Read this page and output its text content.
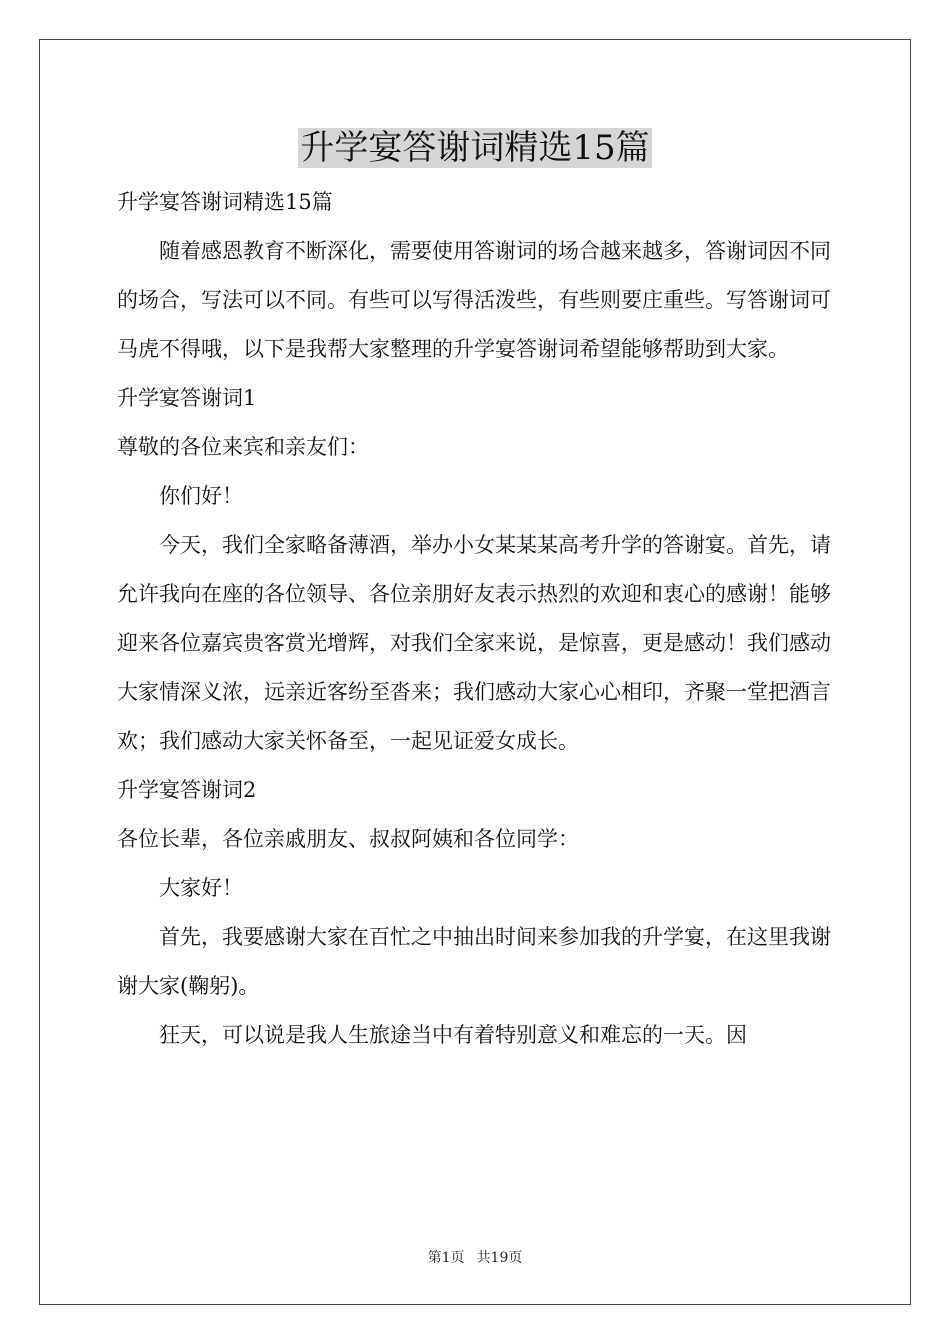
升学宴答谢词精选15篇

升学宴答谢词精选15篇

随着感恩教育不断深化，需要使用答谢词的场合越来越多，答谢词因不同的场合，写法可以不同。有些可以写得活泼些，有些则要庄重些。写答谢词可马虎不得哦，以下是我帮大家整理的升学宴答谢词希望能够帮助到大家。

升学宴答谢词1

尊敬的各位来宾和亲友们：

你们好！

今天，我们全家略备薄酒，举办小女某某某高考升学的答谢宴。首先，请允许我向在座的各位领导、各位亲朋好友表示热烈的欢迎和衷心的感谢！能够迎来各位嘉宾贵客赏光增辉，对我们全家来说，是惊喜，更是感动！我们感动大家情深义浓，远亲近客纷至沓来；我们感动大家心心相印，齐聚一堂把酒言欢；我们感动大家关怀备至，一起见证爱女成长。

升学宴答谢词2

各位长辈，各位亲戚朋友、叔叔阿姨和各位同学：

大家好！

首先，我要感谢大家在百忙之中抽出时间来参加我的升学宴，在这里我谢谢大家(鞠躬)。

狂天，可以说是我人生旅途当中有着特别意义和难忘的一天。因

第1页 共19页
